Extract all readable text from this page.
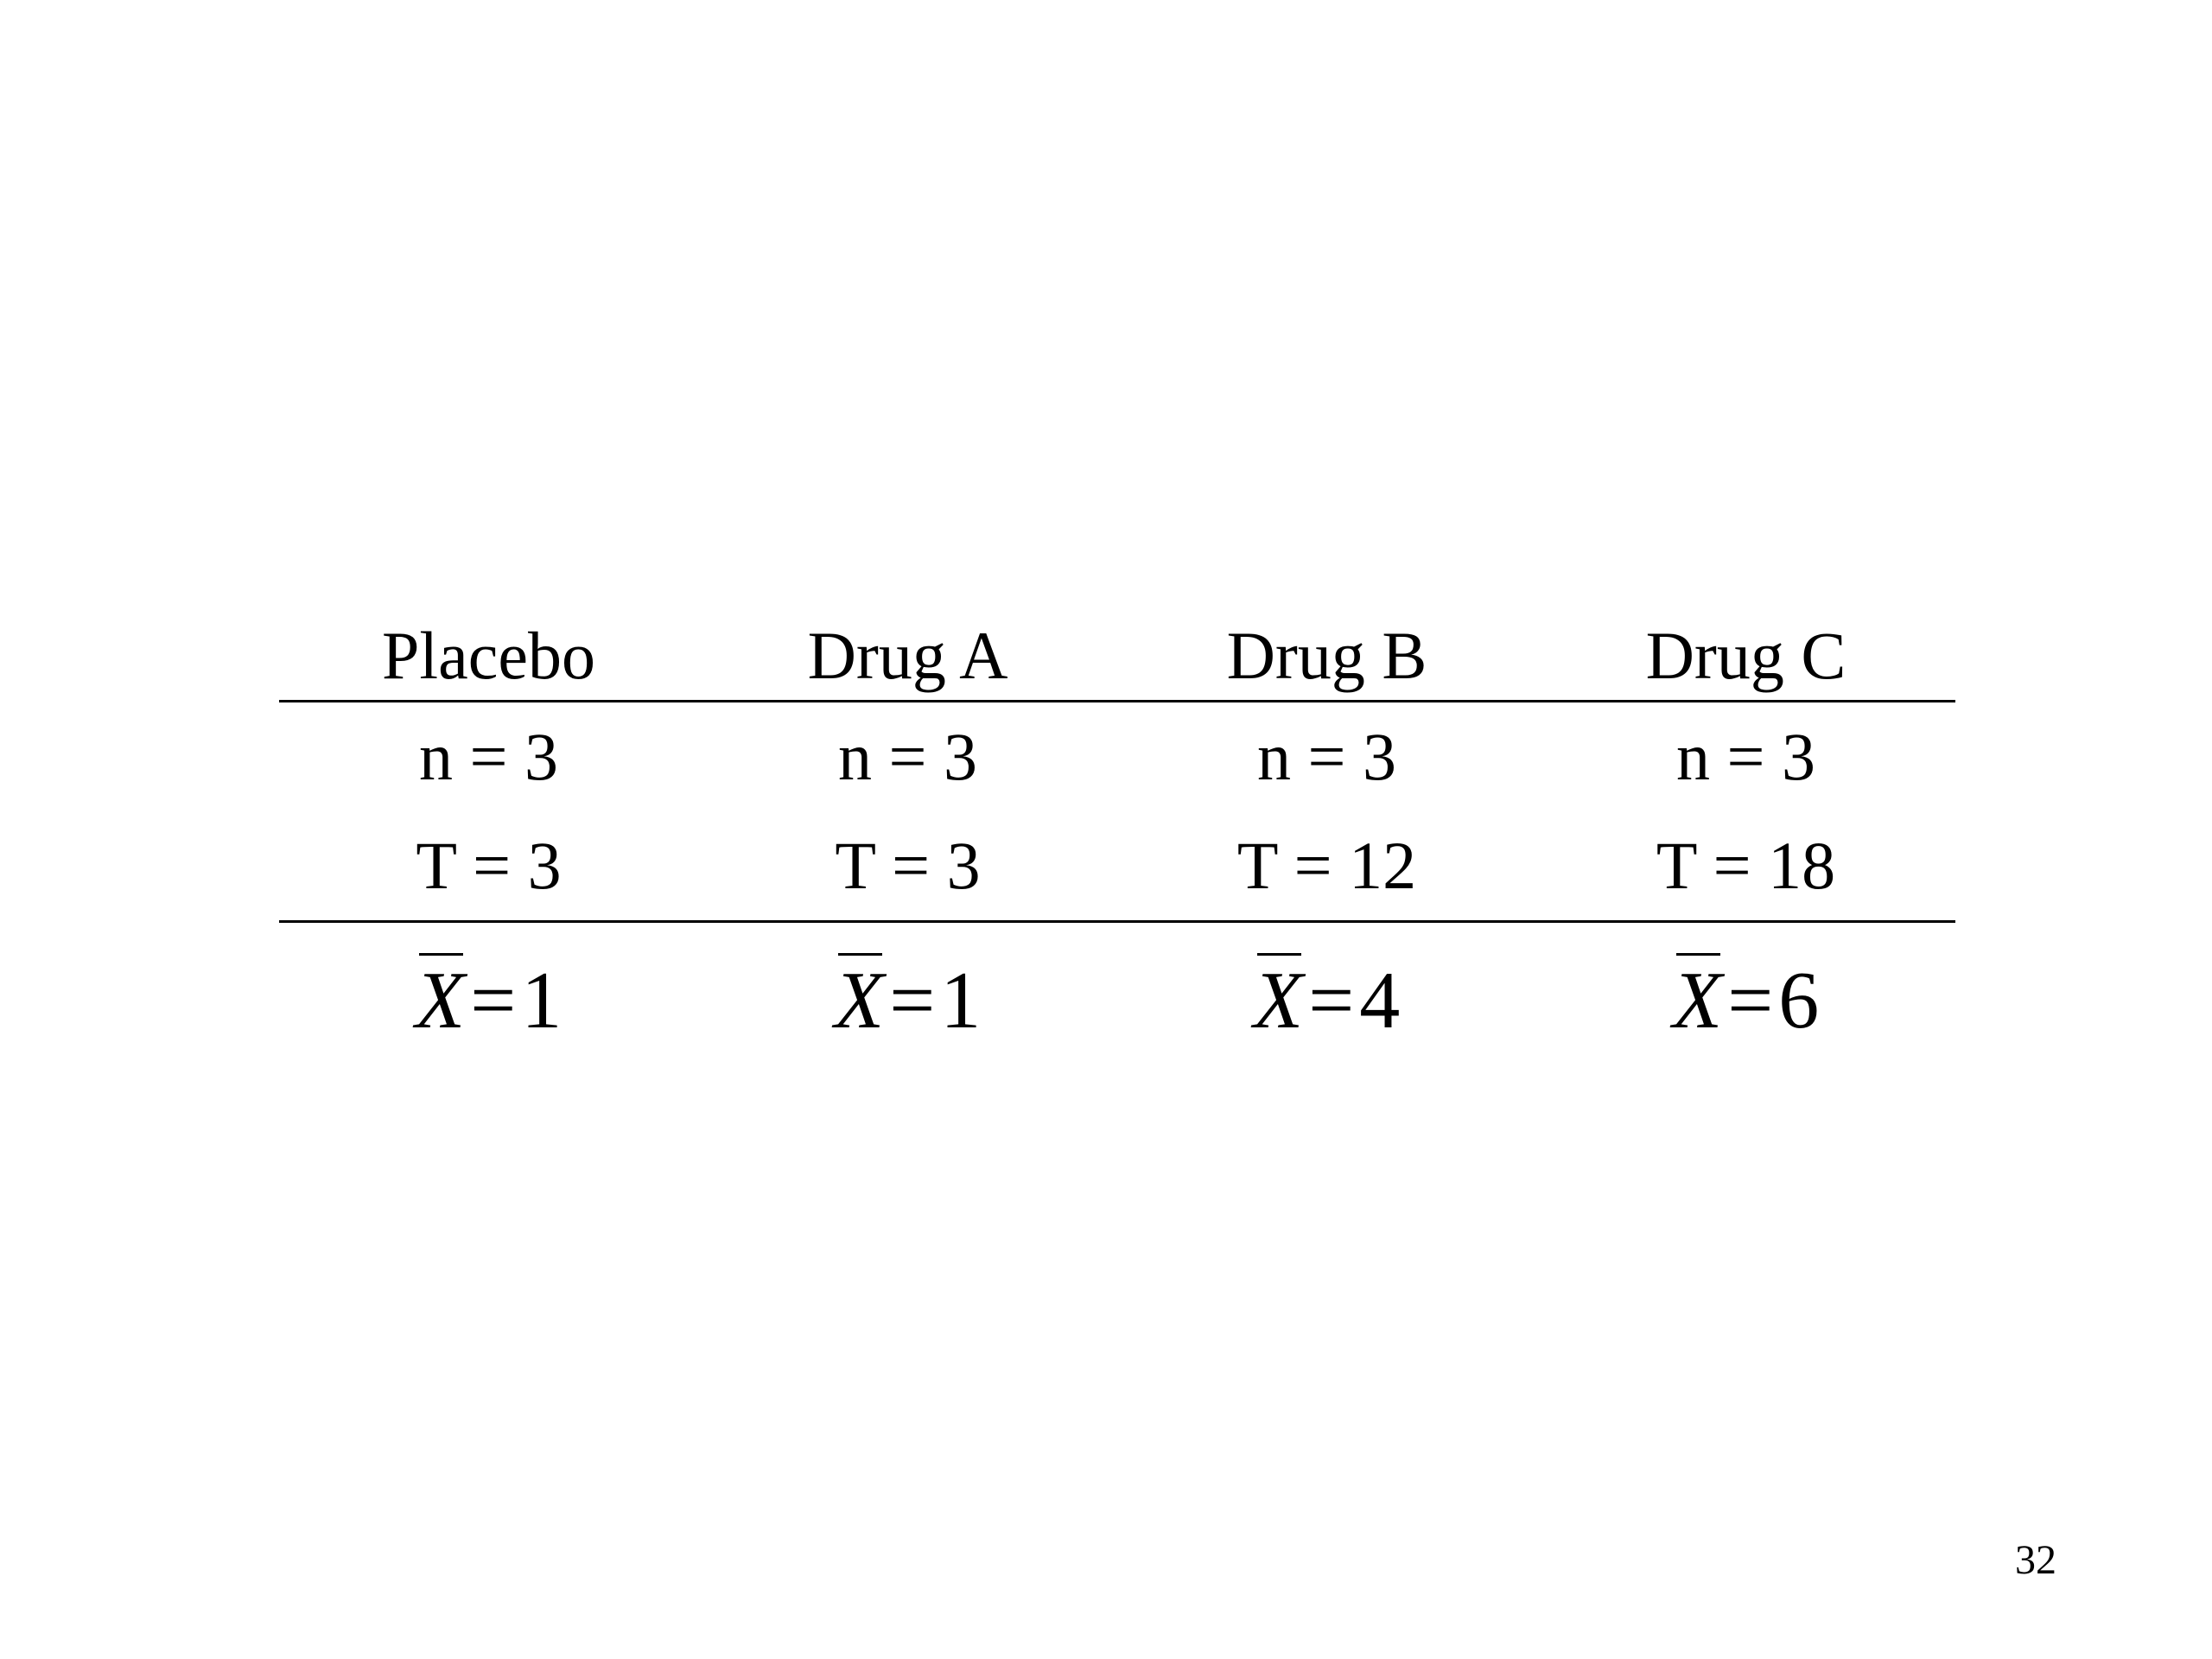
Placebo	Drug A	Drug B	Drug C
n = 3	n = 3	n = 3	n = 3
T = 3	T = 3	T = 12	T = 18
X=1	X=1	X=4	X=6
32
